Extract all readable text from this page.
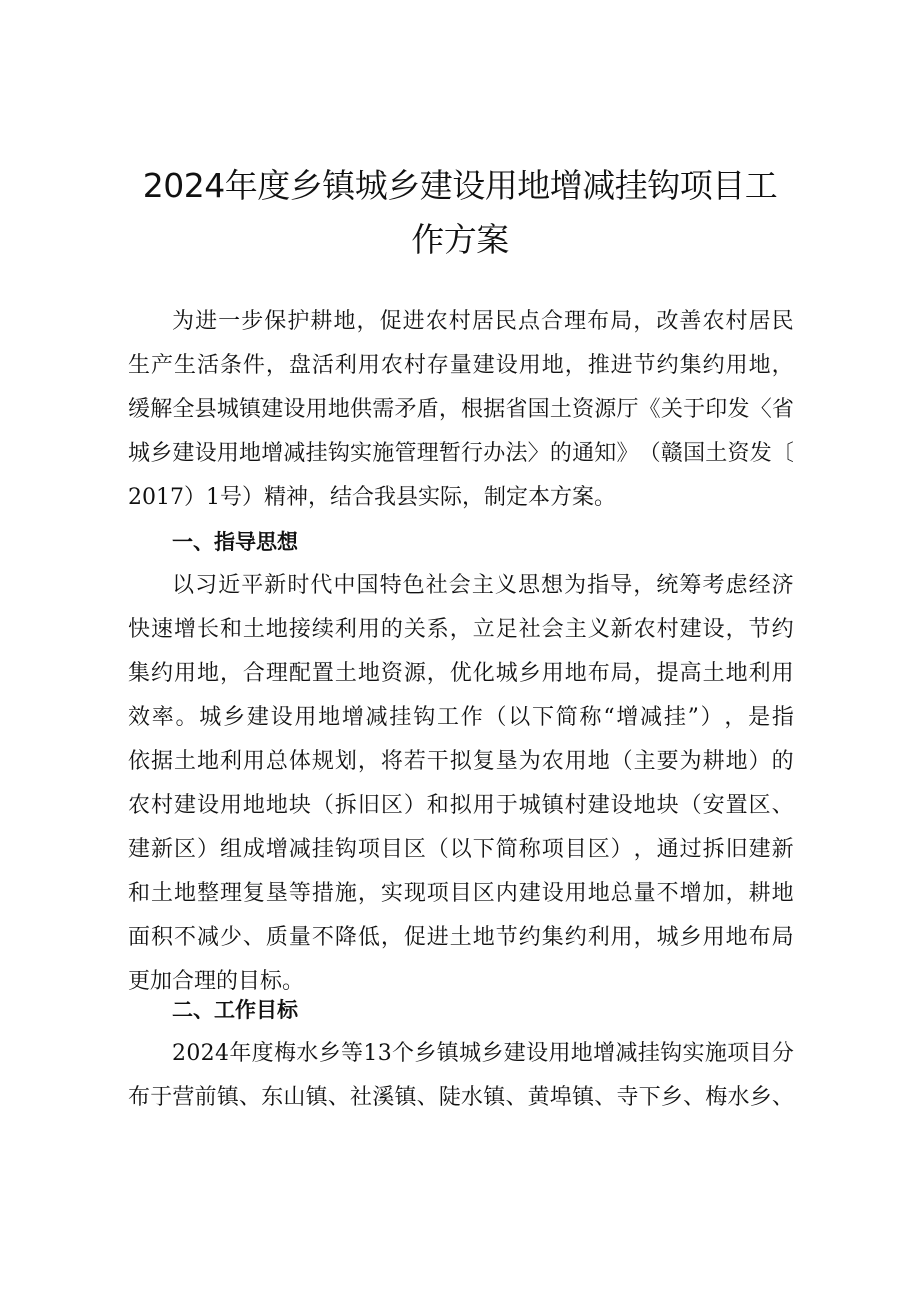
2024年度乡镇城乡建设用地增减挂钩项目工
作方案
为 进 一 步 保 护 耕 地 ， 促 进 农 村 居 民 点 合 理 布 局 ， 改 善 农 村 居 民
生 产 生 活 条 件 ， 盘 活 利 用 农 村 存 量 建 设 用 地 ， 推 进 节 约 集 约 用 地 ，
缓 解 全 县 城 镇 建 设 用 地 供 需 矛 盾 ， 根 据 省 国 土 资 源 厅 《 关 于 印 发 〈 省
城 乡 建 设 用 地 增 减 挂 钩 实 施 管 理 暂 行 办 法 〉 的 通 知 》 （ 赣 国 土 资 发 〔
2017）1号）精神，结合我县实际，制定本方案。
一、指导思想
以 习 近 平 新 时 代 中 国 特 色 社 会 主 义 思 想 为 指 导 ， 统 筹 考 虑 经 济
快 速 增 长 和 土 地 接 续 利 用 的 关 系 ， 立 足 社 会 主 义 新 农 村 建 设 ， 节 约
集 约 用 地 ， 合 理 配 置 土 地 资 源 ， 优 化 城 乡 用 地 布 局 ， 提 高 土 地 利 用
效 率 。 城 乡 建 设 用 地 增 减 挂 钩 工 作 （ 以 下 简 称 “ 增 减 挂 ” ） ， 是 指
依 据 土 地 利 用 总 体 规 划 ， 将 若 干 拟 复 垦 为 农 用 地 （ 主 要 为 耕 地 ） 的
农 村 建 设 用 地 地 块 （ 拆 旧 区 ） 和 拟 用 于 城 镇 村 建 设 地 块 （ 安 置 区 、
建 新 区 ） 组 成 增 减 挂 钩 项 目 区 （ 以 下 简 称 项 目 区 ） ， 通 过 拆 旧 建 新
和 土 地 整 理 复 垦 等 措 施 ， 实 现 项 目 区 内 建 设 用 地 总 量 不 增 加 ， 耕 地
面 积 不 减 少 、 质 量 不 降 低 ， 促 进 土 地 节 约 集 约 利 用 ， 城 乡 用 地 布 局
更加合理的目标。
二、工作目标
2 0 2 4 年 度 梅 水 乡 等 1 3 个 乡 镇 城 乡 建 设 用 地 增 减 挂 钩 实 施 项 目 分
布 于 营 前 镇 、 东 山 镇 、 社 溪 镇 、 陡 水 镇 、 黄 埠 镇 、 寺 下 乡 、 梅 水 乡 、
